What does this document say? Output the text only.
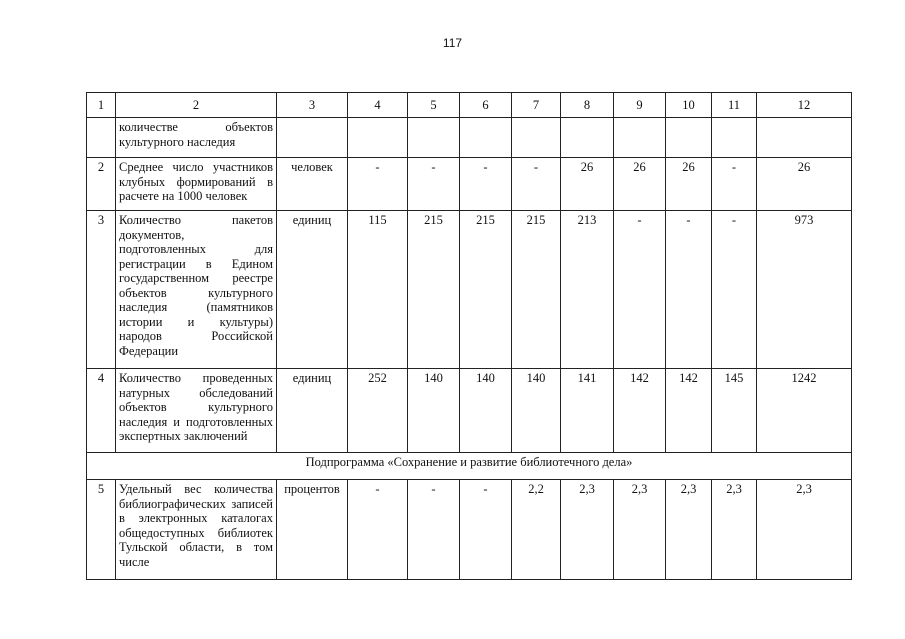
117
1	2	3	4	5	6	7	8	9	10	11	12
	количестве объектов культурного наследия										
2	Среднее число участников клубных формирований в расчете на 1000 человек	человек	-	-	-	-	26	26	26	-	26
3	Количество пакетов документов, подготовленных для регистрации в Едином государственном реестре объектов культурного наследия (памятников истории и культуры) народов Российской Федерации	единиц	115	215	215	215	213	-	-	-	973
4	Количество проведенных натурных обследований объектов культурного наследия и подготовленных экспертных заключений	единиц	252	140	140	140	141	142	142	145	1242
Подпрограмма «Сохранение и развитие библиотечного дела»											
5	Удельный вес количества библиографических записей в электронных каталогах общедоступных библиотек Тульской области, в том числе	процентов	-	-	-	2,2	2,3	2,3	2,3	2,3	2,3
